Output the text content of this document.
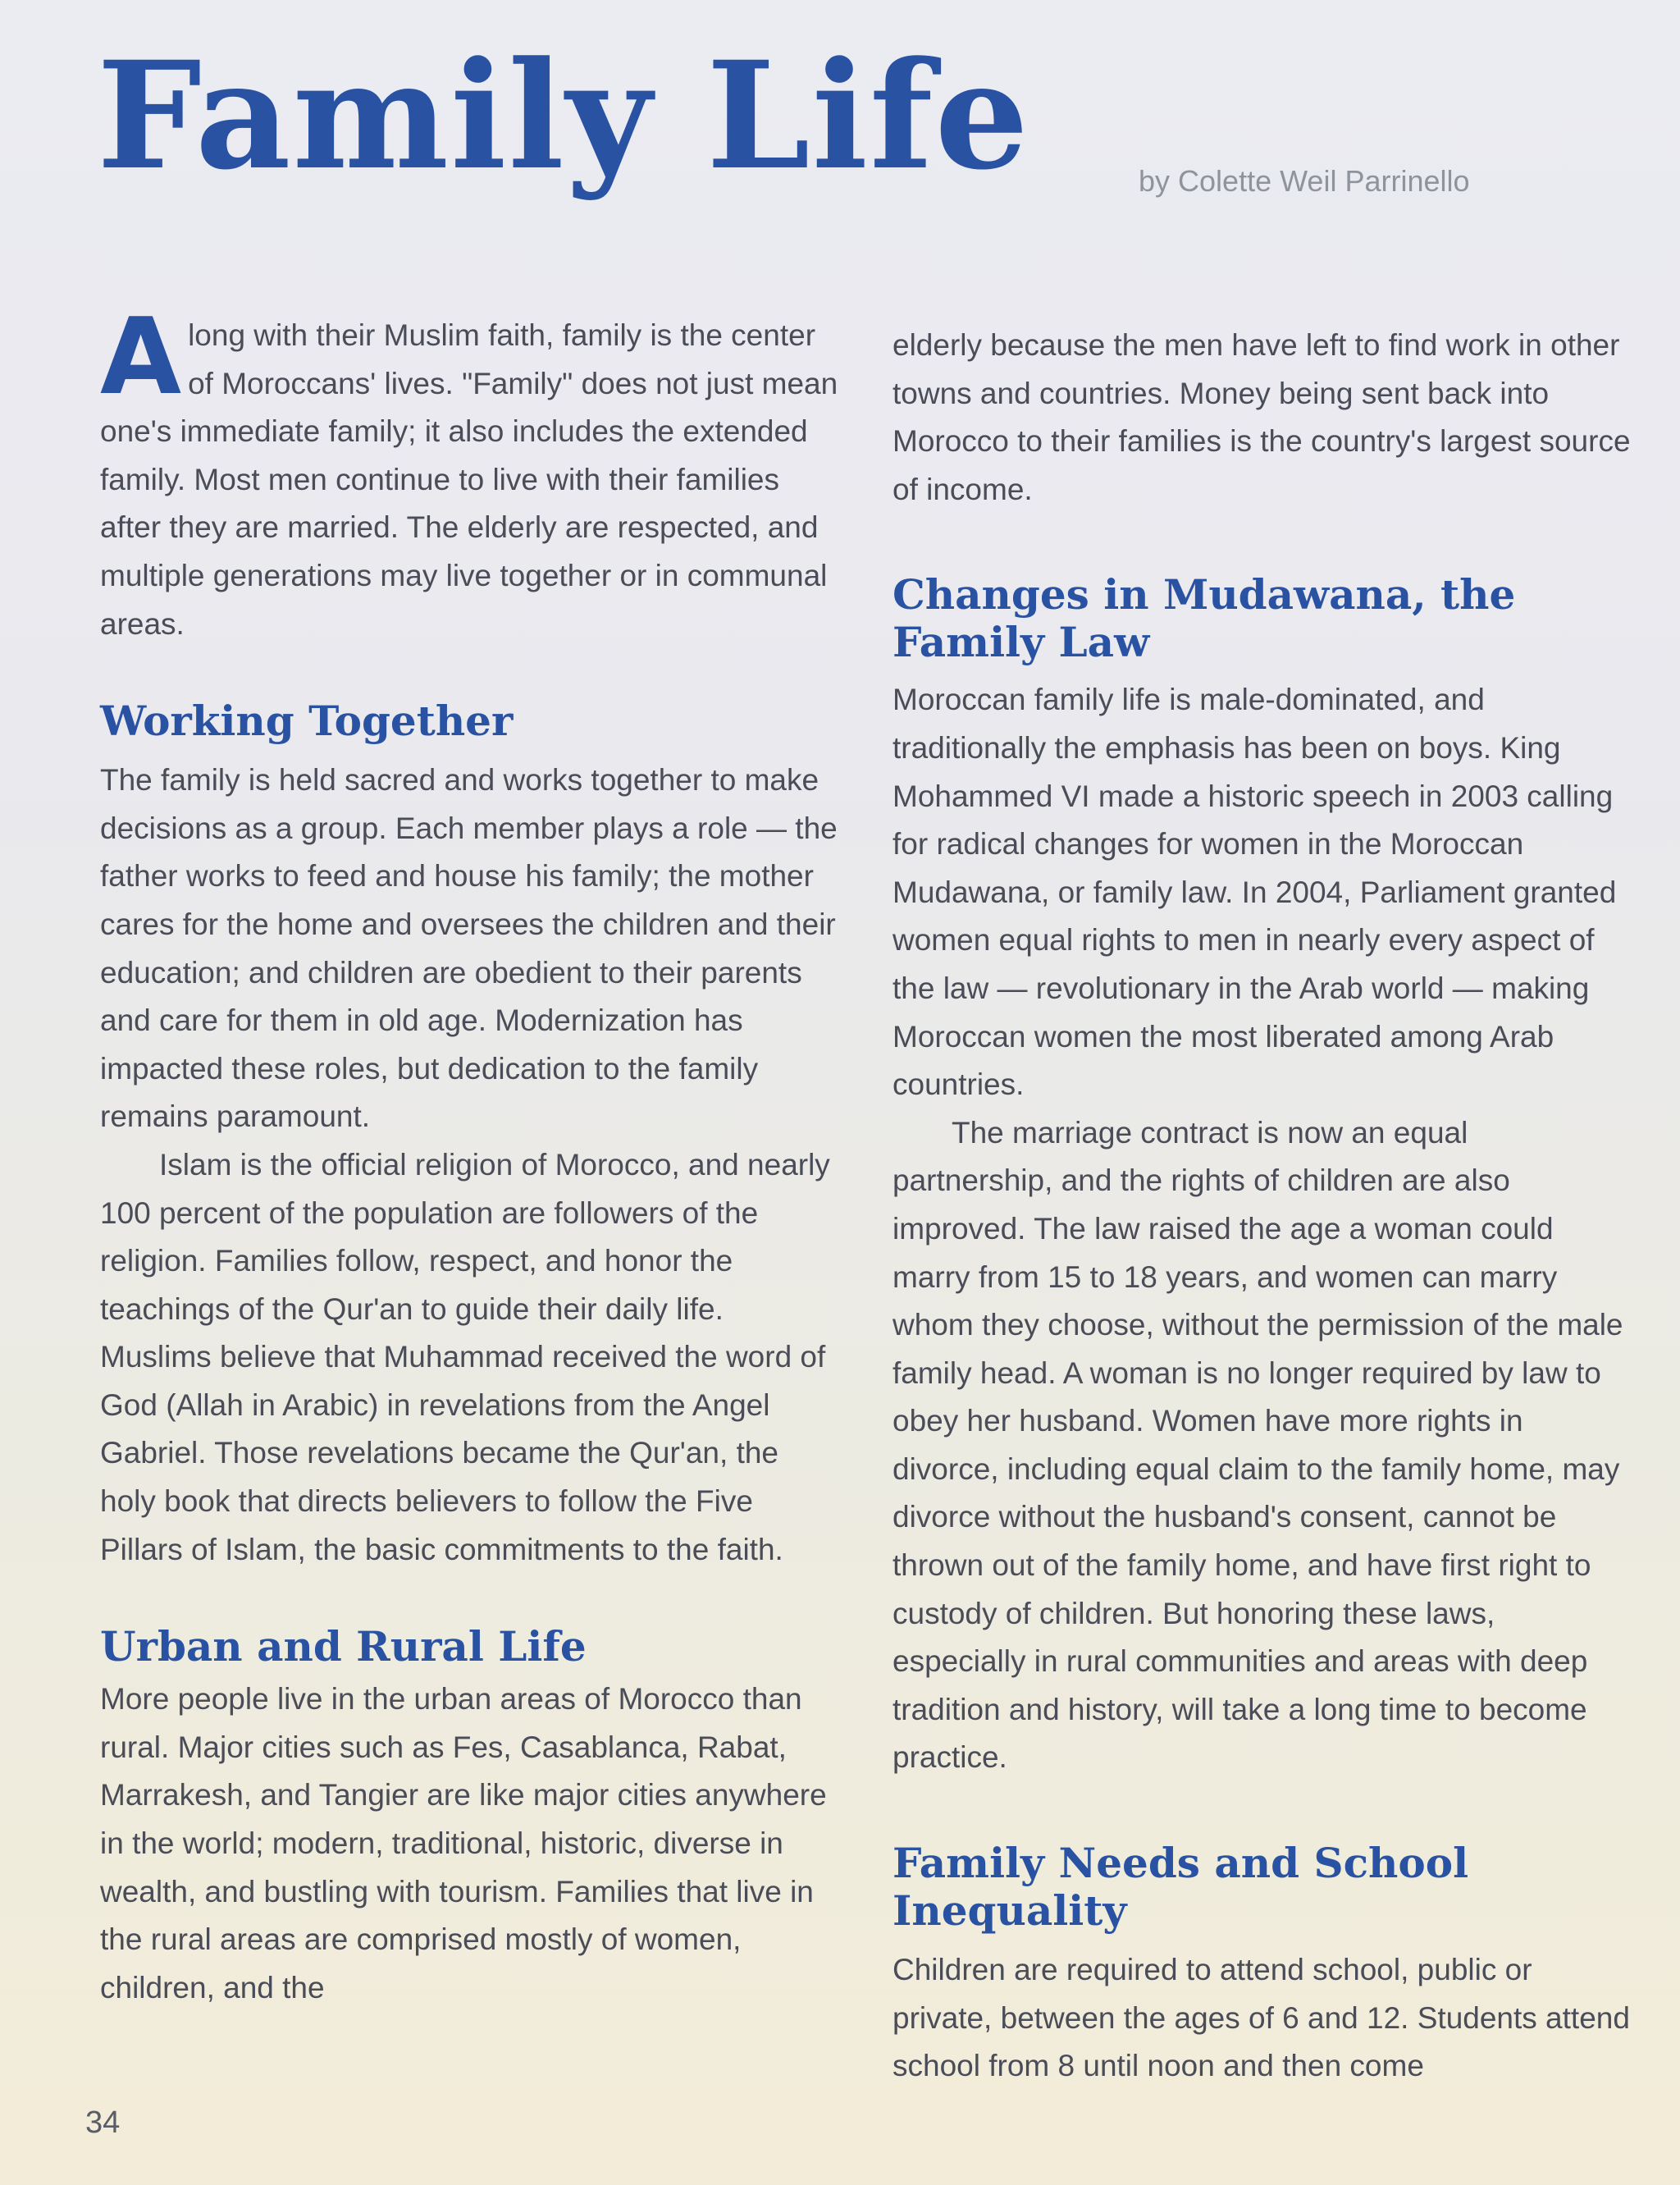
Family Life	by Colette Weil Parrinello

A long with their Muslim faith, family is the center of Moroccans' lives. "Family" does not just mean one's immediate family; it also includes the extended family. Most men continue to live with their families after they are married. The elderly are respected, and multiple generations may live together or in communal areas.

Working Together

The family is held sacred and works together to make decisions as a group. Each member plays a role — the father works to feed and house his family; the mother cares for the home and oversees the children and their education; and children are obedient to their parents and care for them in old age. Modernization has impacted these roles, but dedication to the family remains paramount.

Islam is the official religion of Morocco, and nearly 100 percent of the population are followers of the religion. Families follow, respect, and honor the teachings of the Qur'an to guide their daily life. Muslims believe that Muhammad received the word of God (Allah in Arabic) in revelations from the Angel Gabriel. Those revelations became the Qur'an, the holy book that directs believers to follow the Five Pillars of Islam, the basic commitments to the faith.

Urban and Rural Life

More people live in the urban areas of Morocco than rural. Major cities such as Fes, Casablanca, Rabat, Marrakesh, and Tangier are like major cities anywhere in the world; modern, traditional, historic, diverse in wealth, and bustling with tourism. Families that live in the rural areas are comprised mostly of women, children, and the

elderly because the men have left to find work in other towns and countries. Money being sent back into Morocco to their families is the country's largest source of income.

Changes in Mudawana, the Family Law

Moroccan family life is male-dominated, and traditionally the emphasis has been on boys. King Mohammed VI made a historic speech in 2003 calling for radical changes for women in the Moroccan Mudawana, or family law. In 2004, Parliament granted women equal rights to men in nearly every aspect of the law — revolutionary in the Arab world — making Moroccan women the most liberated among Arab countries.

The marriage contract is now an equal partnership, and the rights of children are also improved. The law raised the age a woman could marry from 15 to 18 years, and women can marry whom they choose, without the permission of the male family head. A woman is no longer required by law to obey her husband. Women have more rights in divorce, including equal claim to the family home, may divorce without the husband's consent, cannot be thrown out of the family home, and have first right to custody of children. But honoring these laws, especially in rural communities and areas with deep tradition and history, will take a long time to become practice.

Family Needs and School Inequality

Children are required to attend school, public or private, between the ages of 6 and 12. Students attend school from 8 until noon and then come

34
